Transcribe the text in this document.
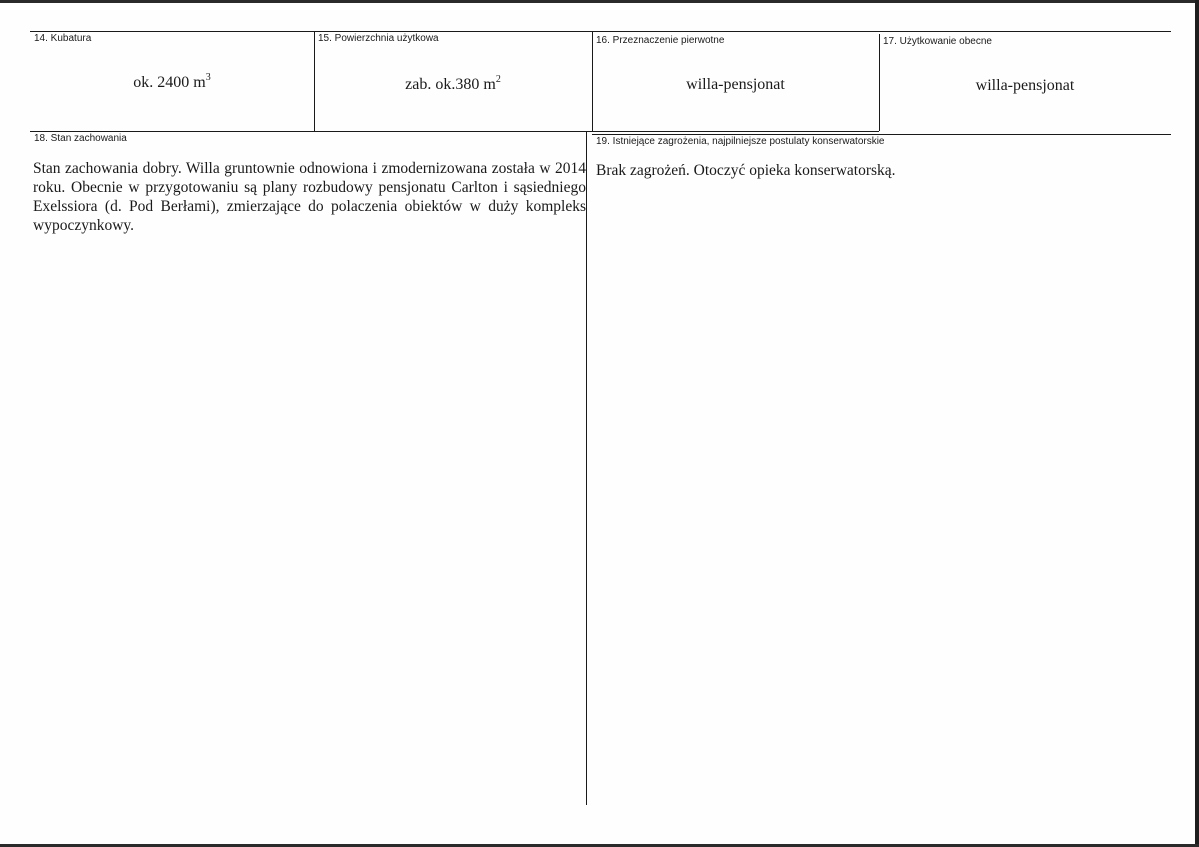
14. Kubatura	15. Powierzchnia użytkowa	16. Przeznaczenie pierwotne	17. Użytkowanie obecne
ok. 2400 $m^3$	zab. ok.380 $m^2$	willa-pensjonat	willa-pensjonat
18. Stan zachowania	19. Istniejące zagrożenia, najpilniejsze postulaty konserwatorskie
Stan zachowania dobry. Willa gruntownie odnowiona i zmodernizowana została w 2014 roku. Obecnie w przygotowaniu są plany rozbudowy pensjonatu Carlton i sąsiedniego Exelssiora (d. Pod Berłami), zmierzające do polaczenia obiektów w duży kompleks wypoczynkowy.
Brak zagrożeń. Otoczyć opieka konserwatorską.
